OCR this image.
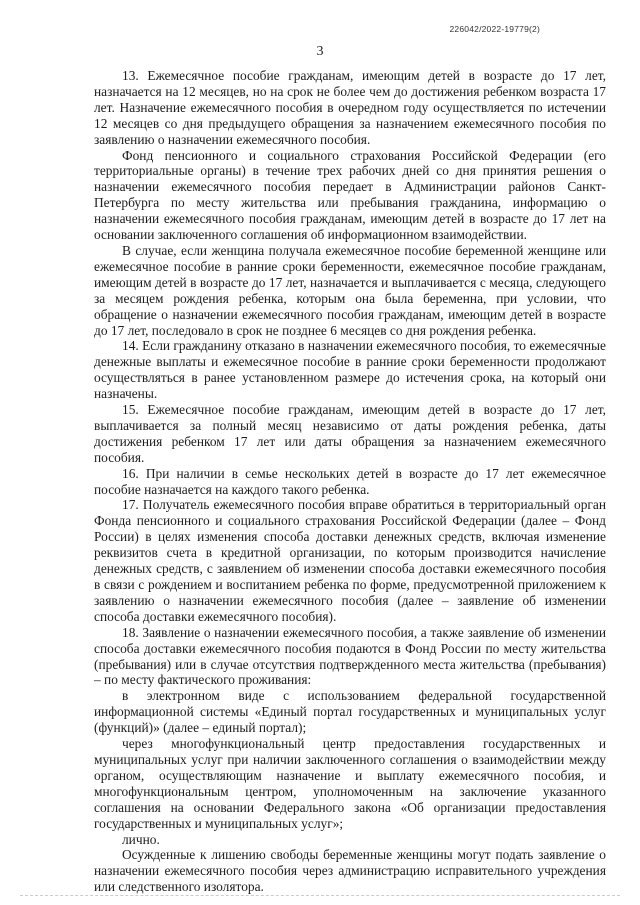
226042/2022-19779(2)
3

13. Ежемесячное пособие гражданам, имеющим детей в возрасте до 17 лет, назначается на 12 месяцев, но на срок не более чем до достижения ребенком возраста 17 лет. Назначение ежемесячного пособия в очередном году осуществляется по истечении 12 месяцев со дня предыдущего обращения за назначением ежемесячного пособия по заявлению о назначении ежемесячного пособия.

Фонд пенсионного и социального страхования Российской Федерации (его территориальные органы) в течение трех рабочих дней со дня принятия решения о назначении ежемесячного пособия передает в Администрации районов Санкт-Петербурга по месту жительства или пребывания гражданина, информацию о назначении ежемесячного пособия гражданам, имеющим детей в возрасте до 17 лет на основании заключенного соглашения об информационном взаимодействии.

В случае, если женщина получала ежемесячное пособие беременной женщине или ежемесячное пособие в ранние сроки беременности, ежемесячное пособие гражданам, имеющим детей в возрасте до 17 лет, назначается и выплачивается с месяца, следующего за месяцем рождения ребенка, которым она была беременна, при условии, что обращение о назначении ежемесячного пособия гражданам, имеющим детей в возрасте до 17 лет, последовало в срок не позднее 6 месяцев со дня рождения ребенка.

14. Если гражданину отказано в назначении ежемесячного пособия, то ежемесячные денежные выплаты и ежемесячное пособие в ранние сроки беременности продолжают осуществляться в ранее установленном размере до истечения срока, на который они назначены.

15. Ежемесячное пособие гражданам, имеющим детей в возрасте до 17 лет, выплачивается за полный месяц независимо от даты рождения ребенка, даты достижения ребенком 17 лет или даты обращения за назначением ежемесячного пособия.

16. При наличии в семье нескольких детей в возрасте до 17 лет ежемесячное пособие назначается на каждого такого ребенка.

17. Получатель ежемесячного пособия вправе обратиться в территориальный орган Фонда пенсионного и социального страхования Российской Федерации (далее – Фонд России) в целях изменения способа доставки денежных средств, включая изменение реквизитов счета в кредитной организации, по которым производится начисление денежных средств, с заявлением об изменении способа доставки ежемесячного пособия в связи с рождением и воспитанием ребенка по форме, предусмотренной приложением к заявлению о назначении ежемесячного пособия (далее – заявление об изменении способа доставки ежемесячного пособия).

18. Заявление о назначении ежемесячного пособия, а также заявление об изменении способа доставки ежемесячного пособия подаются в Фонд России по месту жительства (пребывания) или в случае отсутствия подтвержденного места жительства (пребывания) – по месту фактического проживания:

в электронном виде с использованием федеральной государственной информационной системы «Единый портал государственных и муниципальных услуг (функций)» (далее – единый портал);

через многофункциональный центр предоставления государственных и муниципальных услуг при наличии заключенного соглашения о взаимодействии между органом, осуществляющим назначение и выплату ежемесячного пособия, и многофункциональным центром, уполномоченным на заключение указанного соглашения на основании Федерального закона «Об организации предоставления государственных и муниципальных услуг»;

лично.

Осужденные к лишению свободы беременные женщины могут подать заявление о назначении ежемесячного пособия через администрацию исправительного учреждения или следственного изолятора.
